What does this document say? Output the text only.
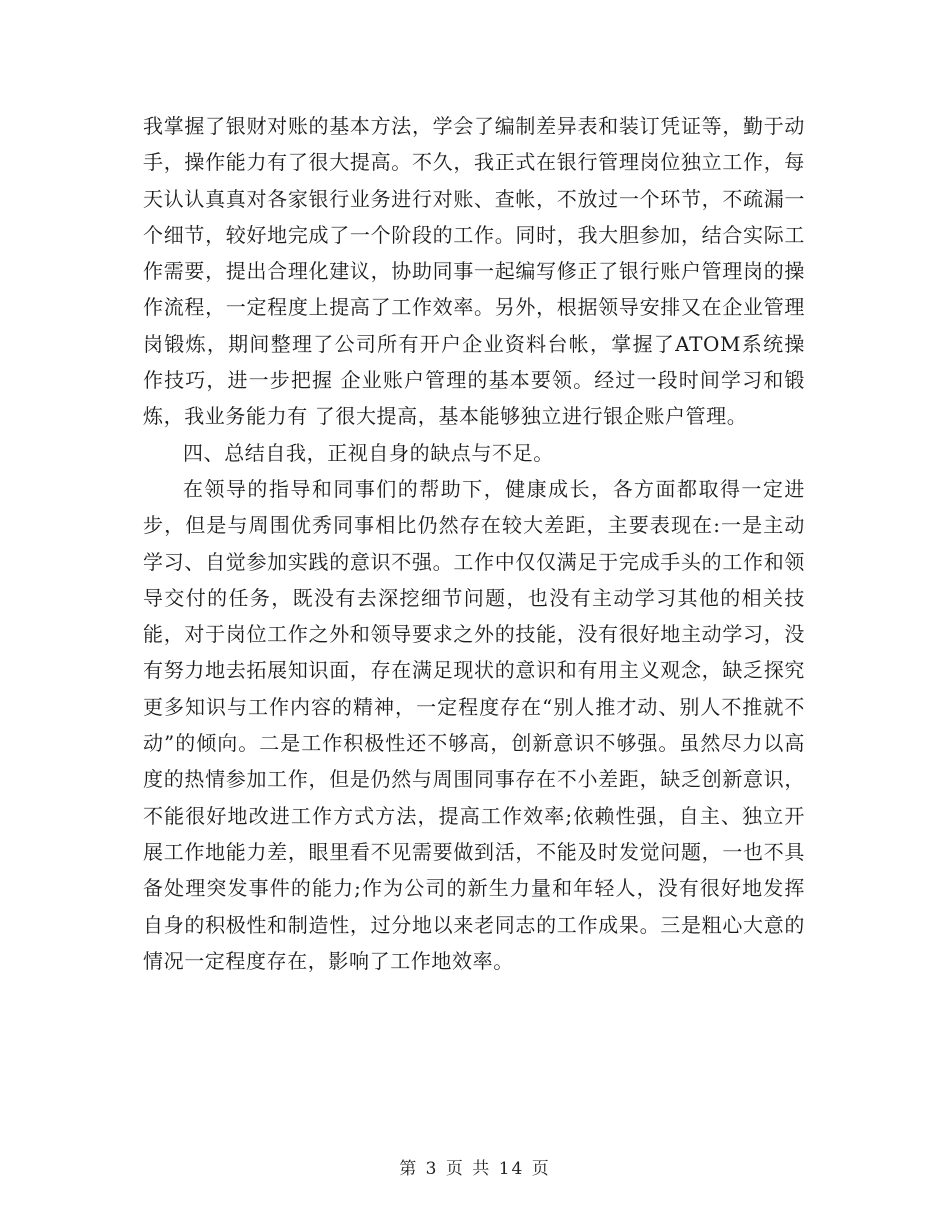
我掌握了银财对账的基本方法，学会了编制差异表和装订凭证等，勤于动手，操作能力有了很大提高。不久，我正式在银行管理岗位独立工作，每天认认真真对各家银行业务进行对账、查帐，不放过一个环节，不疏漏一个细节，较好地完成了一个阶段的工作。同时，我大胆参加，结合实际工作需要，提出合理化建议，协助同事一起编写修正了银行账户管理岗的操作流程，一定程度上提高了工作效率。另外，根据领导安排又在企业管理岗锻炼，期间整理了公司所有开户企业资料台帐，掌握了ATOM系统操作技巧，进一步把握 企业账户管理的基本要领。经过一段时间学习和锻炼，我业务能力有 了很大提高，基本能够独立进行银企账户管理。

四、总结自我，正视自身的缺点与不足。

在领导的指导和同事们的帮助下，健康成长，各方面都取得一定进步，但是与周围优秀同事相比仍然存在较大差距，主要表现在:一是主动学习、自觉参加实践的意识不强。工作中仅仅满足于完成手头的工作和领导交付的任务，既没有去深挖细节问题，也没有主动学习其他的相关技能，对于岗位工作之外和领导要求之外的技能，没有很好地主动学习，没有努力地去拓展知识面，存在满足现状的意识和有用主义观念，缺乏探究更多知识与工作内容的精神，一定程度存在“别人推才动、别人不推就不动”的倾向。二是工作积极性还不够高，创新意识不够强。虽然尽力以高度的热情参加工作，但是仍然与周围同事存在不小差距，缺乏创新意识，不能很好地改进工作方式方法，提高工作效率;依赖性强，自主、独立开展工作地能力差，眼里看不见需要做到活，不能及时发觉问题，一也不具备处理突发事件的能力;作为公司的新生力量和年轻人，没有很好地发挥自身的积极性和制造性，过分地以来老同志的工作成果。三是粗心大意的情况一定程度存在，影响了工作地效率。

第 3 页 共 14 页
